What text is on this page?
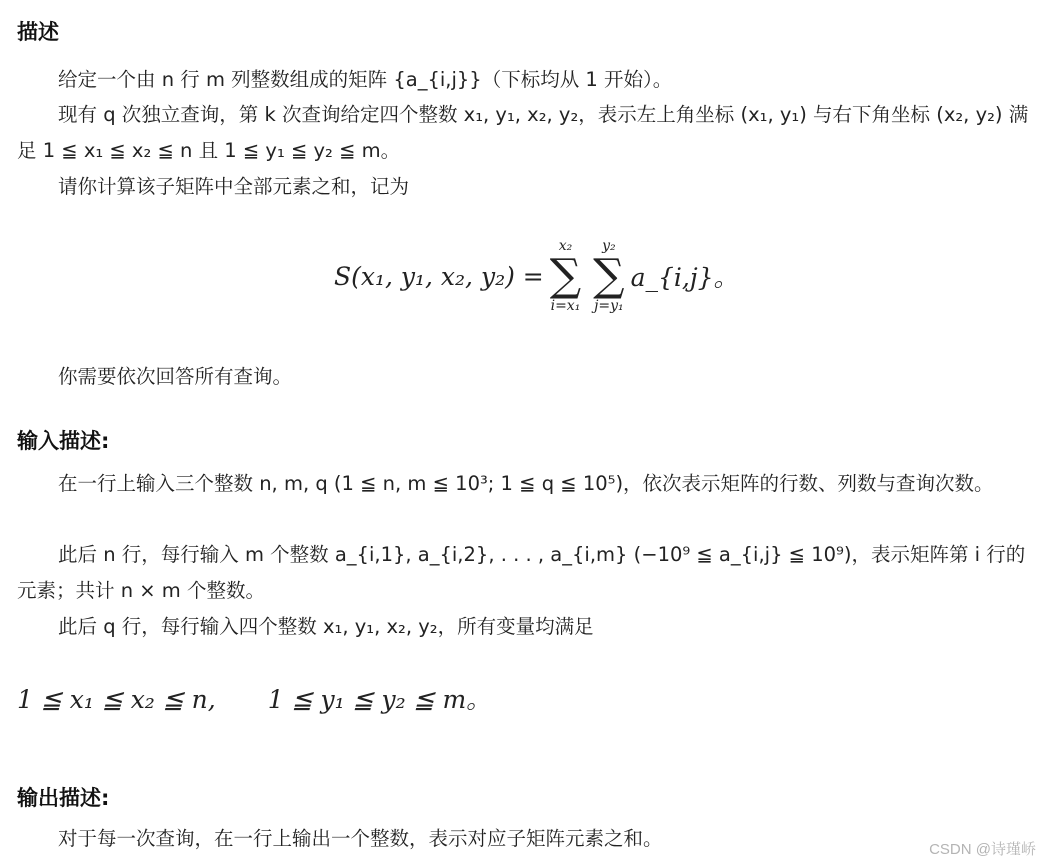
描述

给定一个由 n 行 m 列整数组成的矩阵 {a_{i,j}}（下标均从 1 开始）。

现有 q 次独立查询，第 k 次查询给定四个整数 x₁, y₁, x₂, y₂，表示左上角坐标 (x₁, y₁) 与右下角坐标 (x₂, y₂) 满足 1 ≦ x₁ ≦ x₂ ≦ n 且 1 ≦ y₁ ≦ y₂ ≦ m。

请你计算该子矩阵中全部元素之和，记为

S(x₁, y₁, x₂, y₂) =
x₂
∑
i=x₁
y₂
∑
j=y₁
a_{i,j}。

你需要依次回答所有查询。

输入描述:

在一行上输入三个整数 n, m, q (1 ≦ n, m ≦ 10³; 1 ≦ q ≦ 10⁵)，依次表示矩阵的行数、列数与查询次数。

此后 n 行，每行输入 m 个整数 a_{i,1}, a_{i,2}, . . . , a_{i,m} (−10⁹ ≦ a_{i,j} ≦ 10⁹)，表示矩阵第 i 行的元素；共计 n × m 个整数。

此后 q 行，每行输入四个整数 x₁, y₁, x₂, y₂，所有变量均满足

1 ≦ x₁ ≦ x₂ ≦ n, 1 ≦ y₁ ≦ y₂ ≦ m。
输出描述:

对于每一次查询，在一行上输出一个整数，表示对应子矩阵元素之和。	CSDN @诗瑾峤
